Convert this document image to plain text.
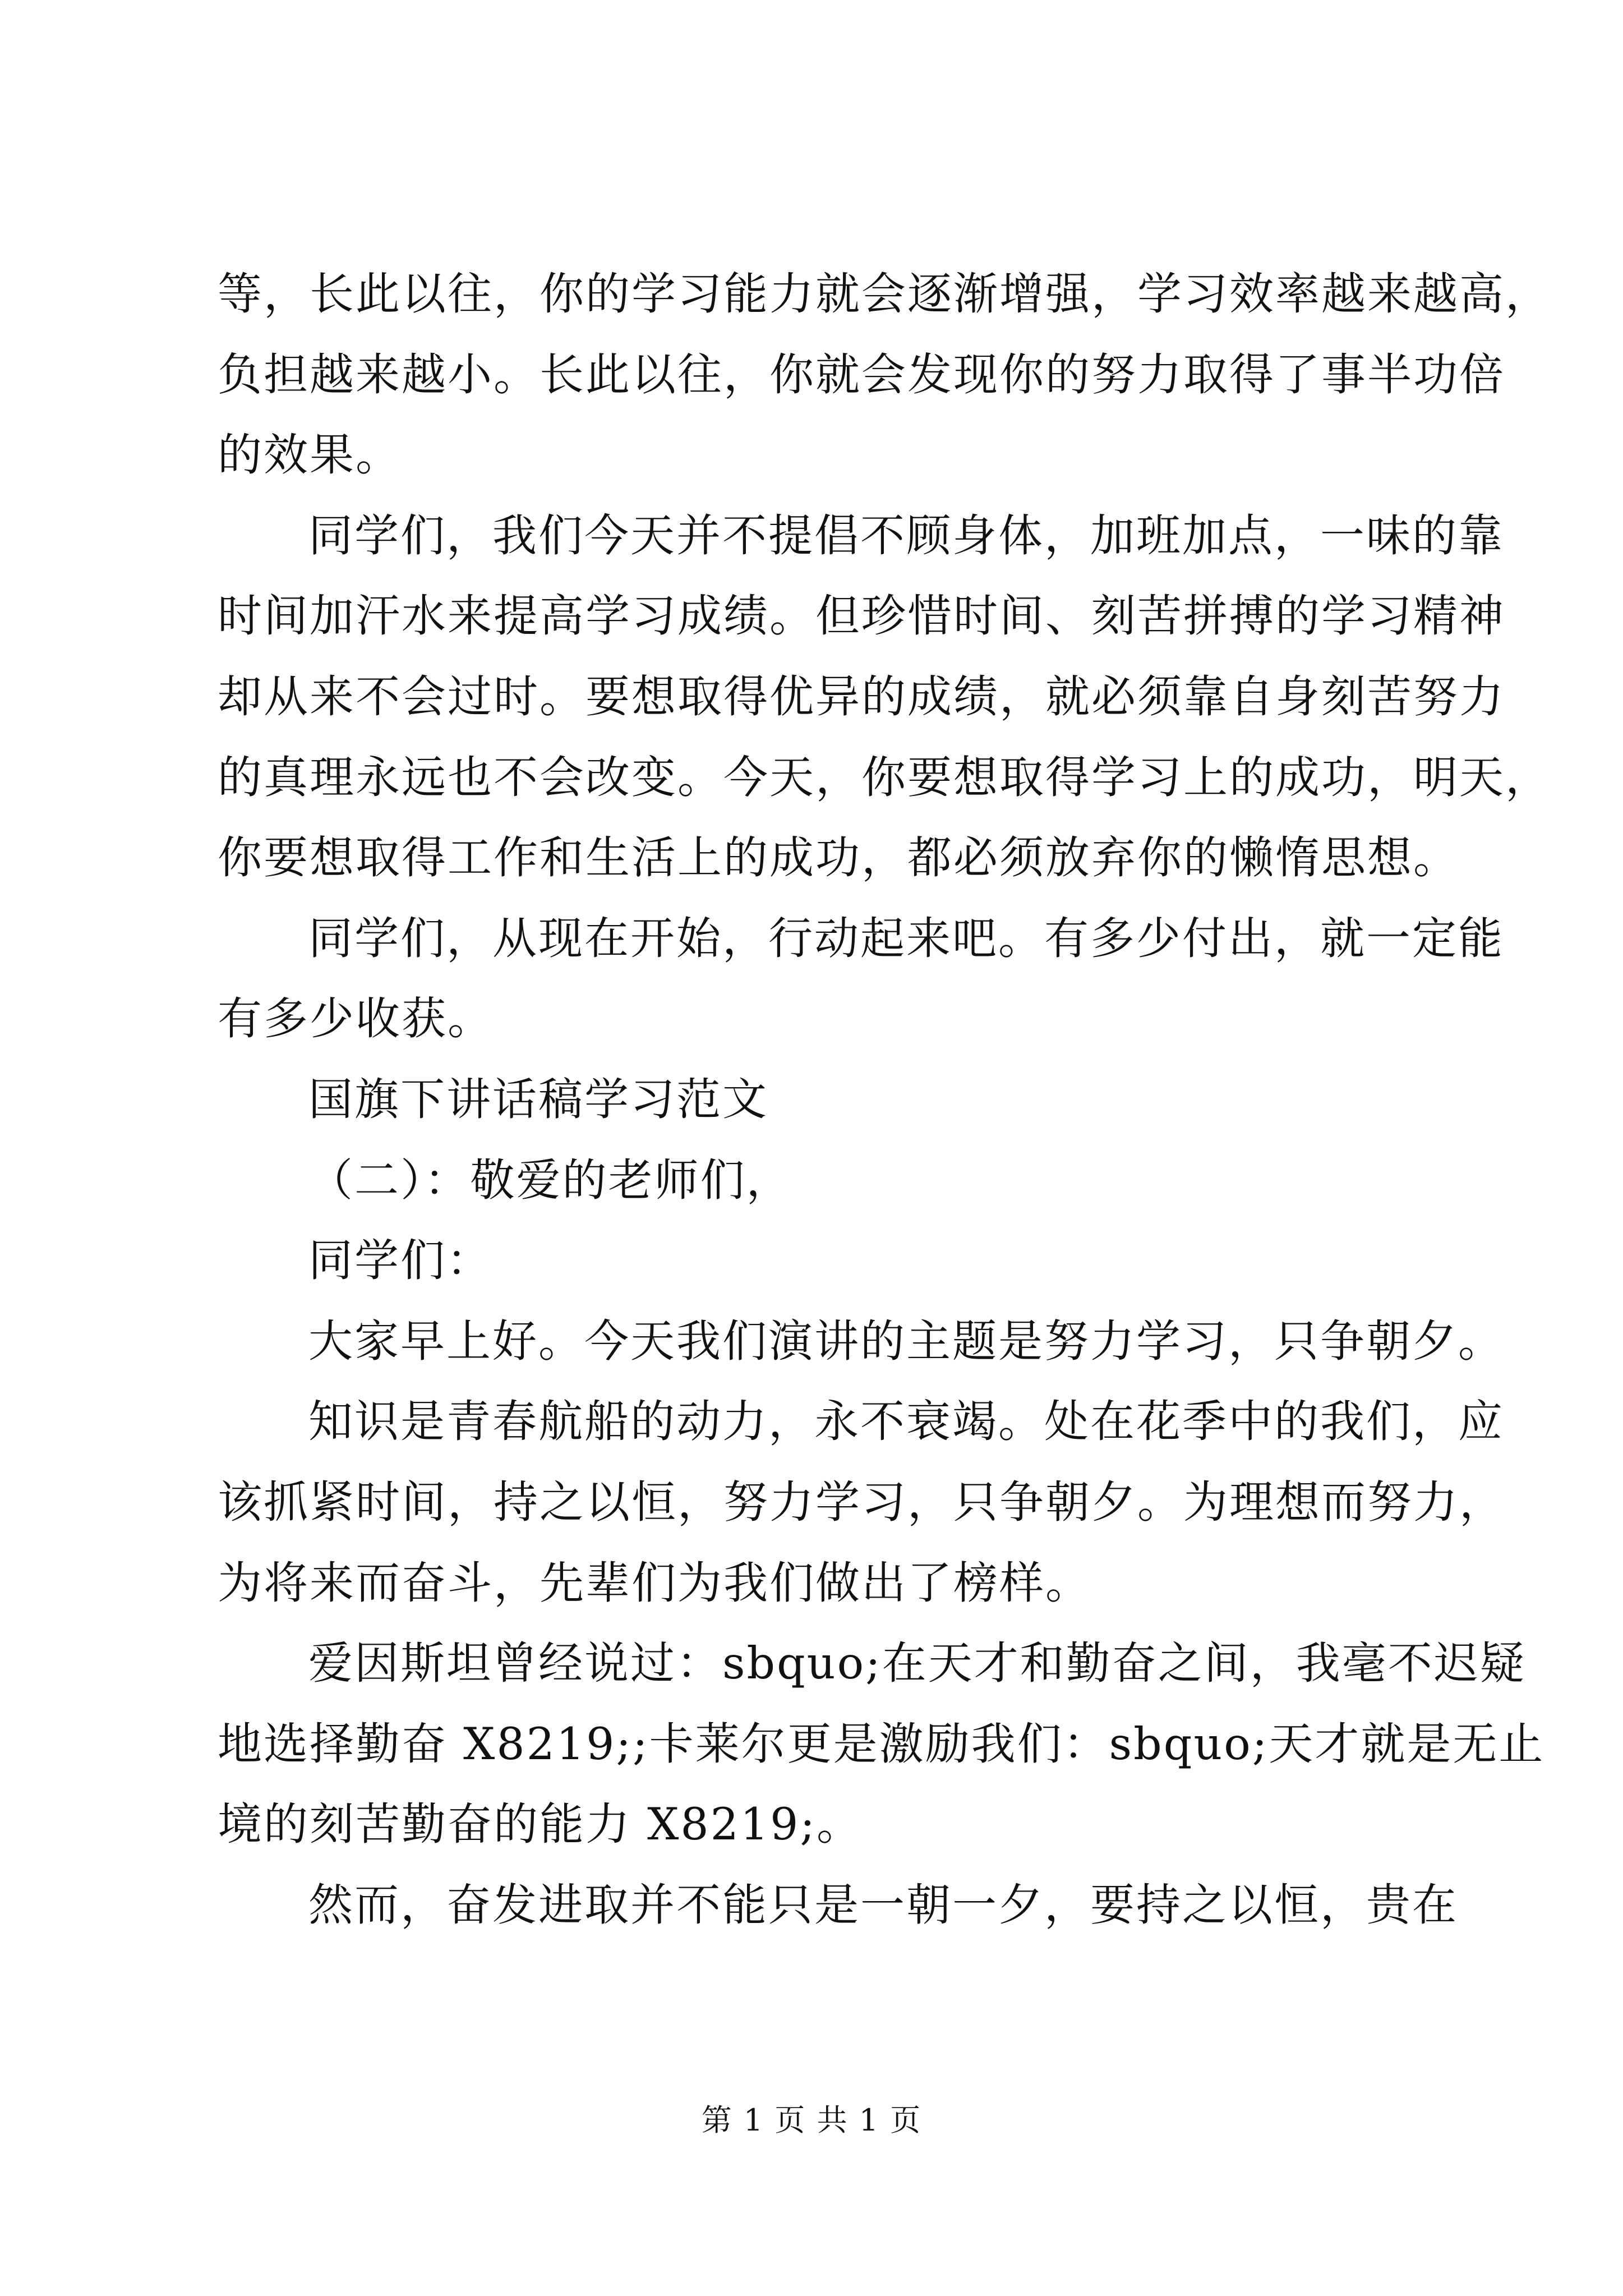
等，长此以往，你的学习能力就会逐渐增强，学习效率越来越高，
负担越来越小。长此以往，你就会发现你的努力取得了事半功倍
的效果。
同学们，我们今天并不提倡不顾身体，加班加点，一味的靠
时间加汗水来提高学习成绩。但珍惜时间、刻苦拼搏的学习精神
却从来不会过时。要想取得优异的成绩，就必须靠自身刻苦努力
的真理永远也不会改变。今天，你要想取得学习上的成功，明天，
你要想取得工作和生活上的成功，都必须放弃你的懒惰思想。
同学们，从现在开始，行动起来吧。有多少付出，就一定能
有多少收获。
国旗下讲话稿学习范文
（二）：敬爱的老师们，
同学们：
大家早上好。今天我们演讲的主题是努力学习，只争朝夕。
知识是青春航船的动力，永不衰竭。处在花季中的我们，应
该抓紧时间，持之以恒，努力学习，只争朝夕。为理想而努力，
为将来而奋斗，先辈们为我们做出了榜样。
爱因斯坦曾经说过：sbquo;在天才和勤奋之间，我毫不迟疑
地选择勤奋 X8219;;卡莱尔更是激励我们：sbquo;天才就是无止
境的刻苦勤奋的能力 X8219;。
然而，奋发进取并不能只是一朝一夕，要持之以恒，贵在
第 1 页 共 1 页
